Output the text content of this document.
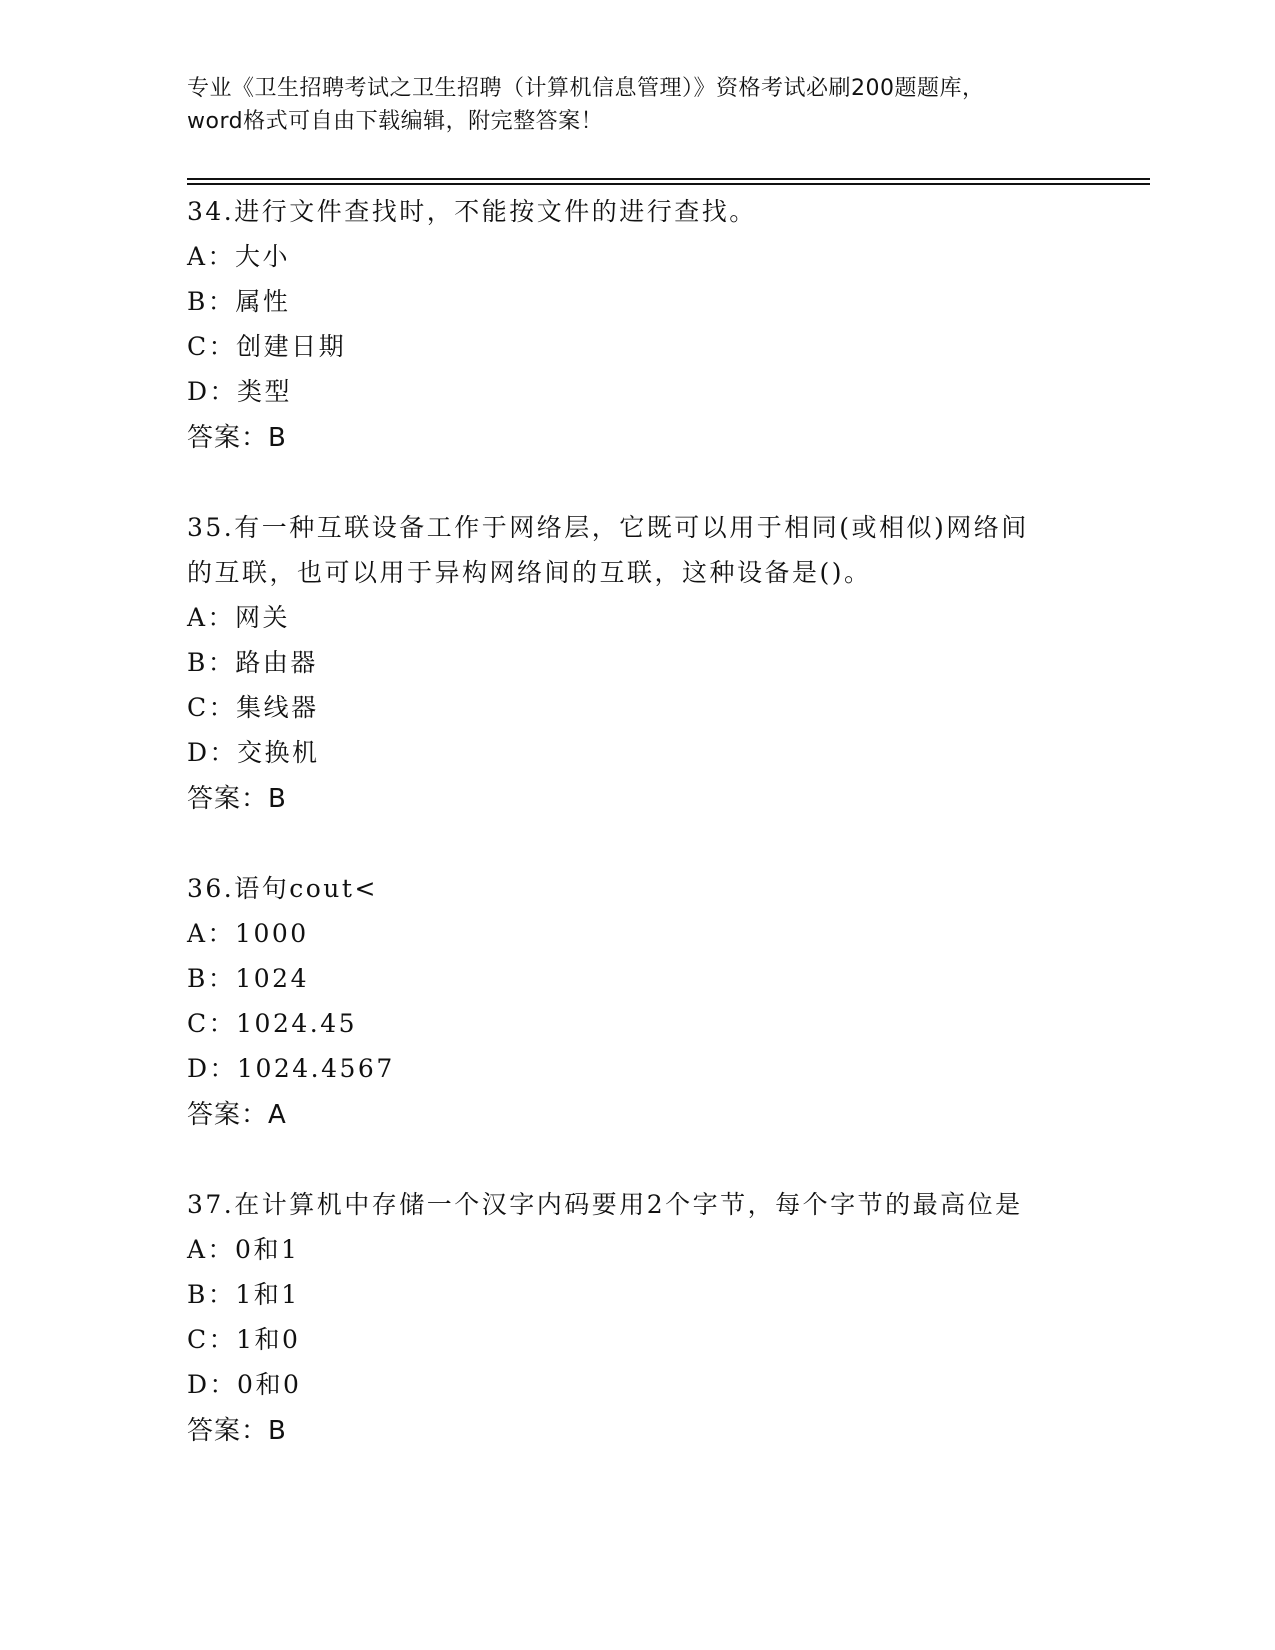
专业《卫生招聘考试之卫生招聘（计算机信息管理）》资格考试必刷200题题库，
word格式可自由下载编辑，附完整答案！
34.进行文件查找时，不能按文件的进行查找。
A：大小
B：属性
C：创建日期
D：类型
答案：B
35.有一种互联设备工作于网络层，它既可以用于相同(或相似)网络间
的互联，也可以用于异构网络间的互联，这种设备是()。
A：网关
B：路由器
C：集线器
D：交换机
答案：B
36.语句cout<
A：1000
B：1024
C：1024.45
D：1024.4567
答案：A
37.在计算机中存储一个汉字内码要用2个字节，每个字节的最高位是
A：0和1
B：1和1
C：1和0
D：0和0
答案：B
